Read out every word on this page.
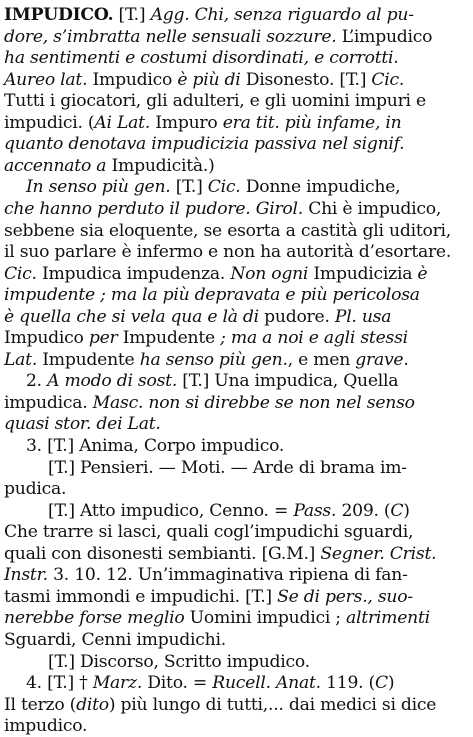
IMPUDICO. [T.] Agg. Chi, senza riguardo al pu-
dore, s’imbratta nelle sensuali sozzure. L’impudico
ha sentimenti e costumi disordinati, e corrotti.
Aureo lat. Impudico è più di Disonesto. [T.] Cic.
Tutti i giocatori, gli adulteri, e gli uomini impuri e
impudici. (Ai Lat. Impuro era tit. più infame, in
quanto denotava impudicizia passiva nel signif.
accennato a Impudicità.)
In senso più gen. [T.] Cic. Donne impudiche,
che hanno perduto il pudore. Girol. Chi è impudico,
sebbene sia eloquente, se esorta a castità gli uditori,
il suo parlare è infermo e non ha autorità d’esortare.
Cic. Impudica impudenza. Non ogni Impudicizia è
impudente ; ma la più depravata e più pericolosa
è quella che si vela qua e là di pudore. Pl. usa
Impudico per Impudente ; ma a noi e agli stessi
Lat. Impudente ha senso più gen., e men grave.
2. A modo di sost. [T.] Una impudica, Quella
impudica. Masc. non si direbbe se non nel senso
quasi stor. dei Lat.
3. [T.] Anima, Corpo impudico.
[T.] Pensieri. — Moti. — Arde di brama im-
pudica.
[T.] Atto impudico, Cenno. = Pass. 209. (C)
Che trarre si lasci, quali cogl’impudichi sguardi,
quali con disonesti sembianti. [G.M.] Segner. Crist.
Instr. 3. 10. 12. Un’immaginativa ripiena di fan-
tasmi immondi e impudichi. [T.] Se di pers., suo-
nerebbe forse meglio Uomini impudici ; altrimenti
Sguardi, Cenni impudichi.
[T.] Discorso, Scritto impudico.
4. [T.] † Marz. Dito. = Rucell. Anat. 119. (C)
Il terzo (dito) più lungo di tutti,... dai medici si dice
impudico.
